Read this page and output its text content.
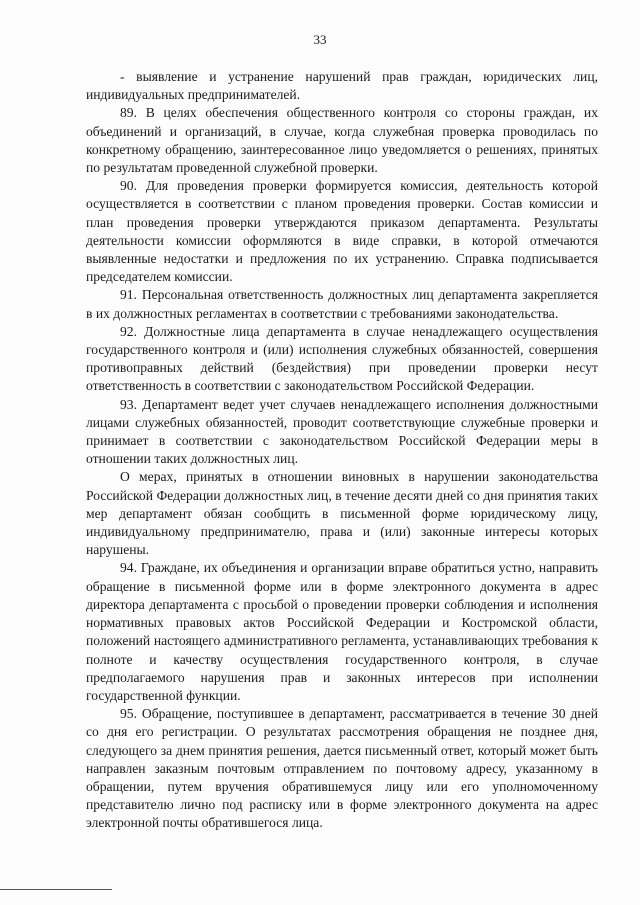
33

- выявление и устранение нарушений прав граждан, юридических лиц, индивидуальных предпринимателей.

89. В целях обеспечения общественного контроля со стороны граждан, их объединений и организаций, в случае, когда служебная проверка проводилась по конкретному обращению, заинтересованное лицо уведомляется о решениях, принятых по результатам проведенной служебной проверки.

90. Для проведения проверки формируется комиссия, деятельность которой осуществляется в соответствии с планом проведения проверки. Состав комиссии и план проведения проверки утверждаются приказом департамента. Результаты деятельности комиссии оформляются в виде справки, в которой отмечаются выявленные недостатки и предложения по их устранению. Справка подписывается председателем комиссии.

91. Персональная ответственность должностных лиц департамента закрепляется в их должностных регламентах в соответствии с требованиями законодательства.

92. Должностные лица департамента в случае ненадлежащего осуществления государственного контроля и (или) исполнения служебных обязанностей, совершения противоправных действий (бездействия) при проведении проверки несут ответственность в соответствии с законодательством Российской Федерации.

93. Департамент ведет учет случаев ненадлежащего исполнения должностными лицами служебных обязанностей, проводит соответствующие служебные проверки и принимает в соответствии с законодательством Российской Федерации меры в отношении таких должностных лиц.

О мерах, принятых в отношении виновных в нарушении законодательства Российской Федерации должностных лиц, в течение десяти дней со дня принятия таких мер департамент обязан сообщить в письменной форме юридическому лицу, индивидуальному предпринимателю, права и (или) законные интересы которых нарушены.

94. Граждане, их объединения и организации вправе обратиться устно, направить обращение в письменной форме или в форме электронного документа в адрес директора департамента с просьбой о проведении проверки соблюдения и исполнения нормативных правовых актов Российской Федерации и Костромской области, положений настоящего административного регламента, устанавливающих требования к полноте и качеству осуществления государственного контроля, в случае предполагаемого нарушения прав и законных интересов при исполнении государственной функции.

95. Обращение, поступившее в департамент, рассматривается в течение 30 дней со дня его регистрации. О результатах рассмотрения обращения не позднее дня, следующего за днем принятия решения, дается письменный ответ, который может быть направлен заказным почтовым отправлением по почтовому адресу, указанному в обращении, путем вручения обратившемуся лицу или его уполномоченному представителю лично под расписку или в форме электронного документа на адрес электронной почты обратившегося лица.
